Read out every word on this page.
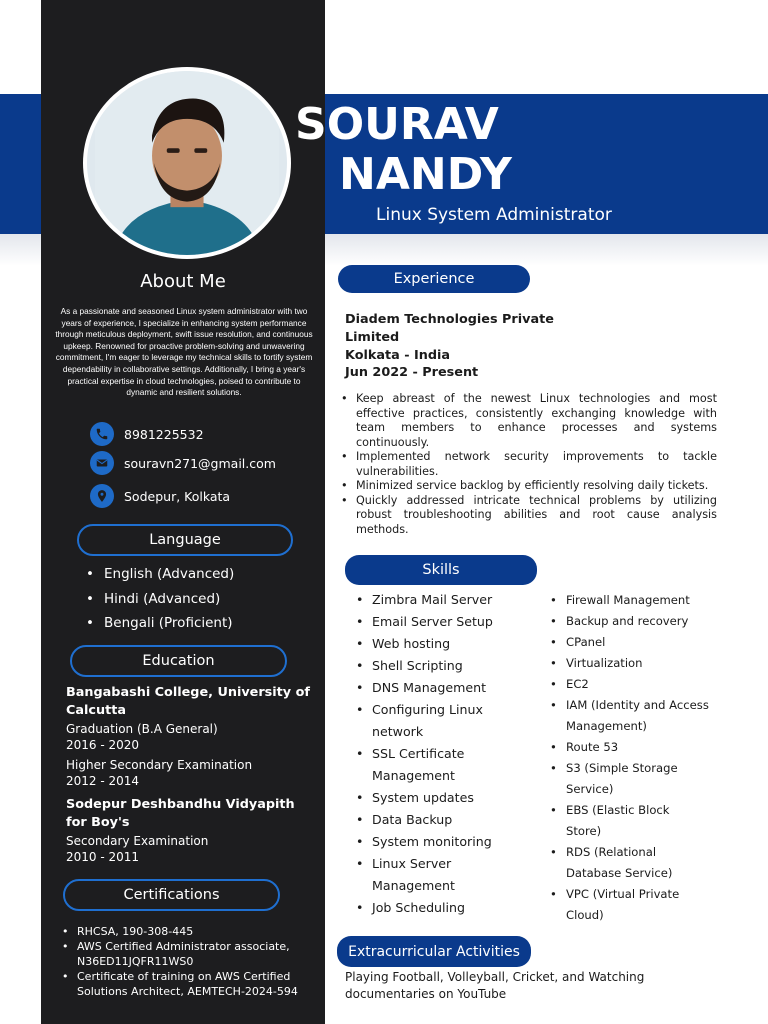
SOURAV
NANDY
Linux System Administrator
About Me
As a passionate and seasoned Linux system administrator with two years of experience, I specialize in enhancing system performance through meticulous deployment, swift issue resolution, and continuous upkeep. Renowned for proactive problem-solving and unwavering commitment, I'm eager to leverage my technical skills to fortify system dependability in collaborative settings. Additionally, I bring a year's practical expertise in cloud technologies, poised to contribute to dynamic and resilient solutions.
8981225532
souravn271@gmail.com
Sodepur, Kolkata
Language
• English (Advanced)
• Hindi (Advanced)
• Bengali (Proficient)
Education
Bangabashi College, University of Calcutta
Graduation (B.A General)
2016 - 2020
Higher Secondary Examination
2012 - 2014
Sodepur Deshbandhu Vidyapith for Boy's
Secondary Examination
2010 - 2011
Certifications
• RHCSA, 190-308-445
• AWS Certified Administrator associate, N36ED11JQFR11WS0
• Certificate of training on AWS Certified Solutions Architect, AEMTECH-2024-594
Experience
Diadem Technologies Private Limited
Kolkata - India
Jun 2022 - Present
• Keep abreast of the newest Linux technologies and most effective practices, consistently exchanging knowledge with team members to enhance processes and systems continuously.
• Implemented network security improvements to tackle vulnerabilities.
• Minimized service backlog by efficiently resolving daily tickets.
• Quickly addressed intricate technical problems by utilizing robust troubleshooting abilities and root cause analysis methods.
Skills
• Zimbra Mail Server
• Email Server Setup
• Web hosting
• Shell Scripting
• DNS Management
• Configuring Linux network
• SSL Certificate Management
• System updates
• Data Backup
• System monitoring
• Linux Server Management
• Job Scheduling
• Firewall Management
• Backup and recovery
• CPanel
• Virtualization
• EC2
• IAM (Identity and Access Management)
• Route 53
• S3 (Simple Storage Service)
• EBS (Elastic Block Store)
• RDS (Relational Database Service)
• VPC (Virtual Private Cloud)
Extracurricular Activities
Playing Football, Volleyball, Cricket, and Watching documentaries on YouTube
